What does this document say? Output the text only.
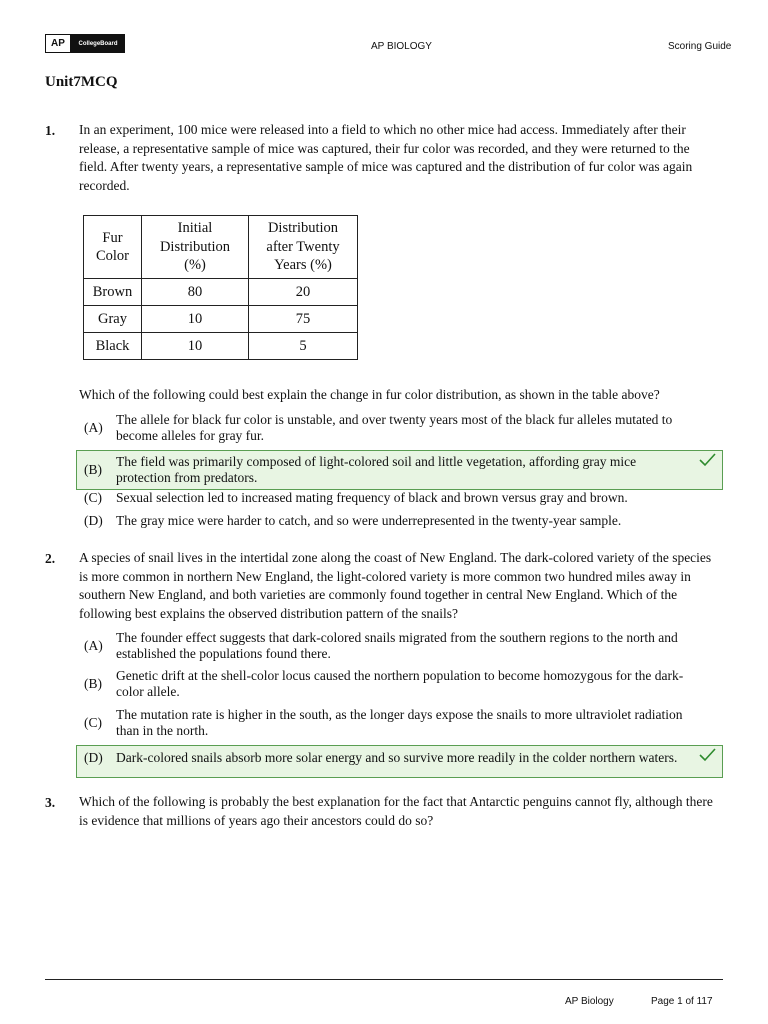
AP	CollegeBoard	AP BIOLOGY	Scoring Guide
Unit7MCQ
1. In an experiment, 100 mice were released into a field to which no other mice had access. Immediately after their release, a representative sample of mice was captured, their fur color was recorded, and they were returned to the field. After twenty years, a representative sample of mice was captured and the distribution of fur color was again recorded.
Fur Color	Initial Distribution (%)	Distribution after Twenty Years (%)

Brown	80	20
Gray	10	75
Black	10	5
Which of the following could best explain the change in fur color distribution, as shown in the table above?
(A)
The allele for black fur color is unstable, and over twenty years most of the black fur alleles mutated to become alleles for gray fur.
(B)
The field was primarily composed of light-colored soil and little vegetation, affording gray mice protection from predators.
(C)	Sexual selection led to increased mating frequency of black and brown versus gray and brown.
(D) The gray mice were harder to catch, and so were underrepresented in the twenty-year sample.
2. A species of snail lives in the intertidal zone along the coast of New England. The dark-colored variety of the species is more common in northern New England, the light-colored variety is more common two hundred miles away in southern New England, and both varieties are commonly found together in central New England. Which of the following best explains the observed distribution pattern of the snails?
(A)
The founder effect suggests that dark-colored snails migrated from the southern regions to the north and established the populations found there.
(B)
Genetic drift at the shell-color locus caused the northern population to become homozygous for the dark-color allele.
(C)
The mutation rate is higher in the south, as the longer days expose the snails to more ultraviolet radiation than in the north.
(D) Dark-colored snails absorb more solar energy and so survive more readily in the colder northern waters.
3. Which of the following is probably the best explanation for the fact that Antarctic penguins cannot fly, although there is evidence that millions of years ago their ancestors could do so?
AP Biology	Page 1 of 117
